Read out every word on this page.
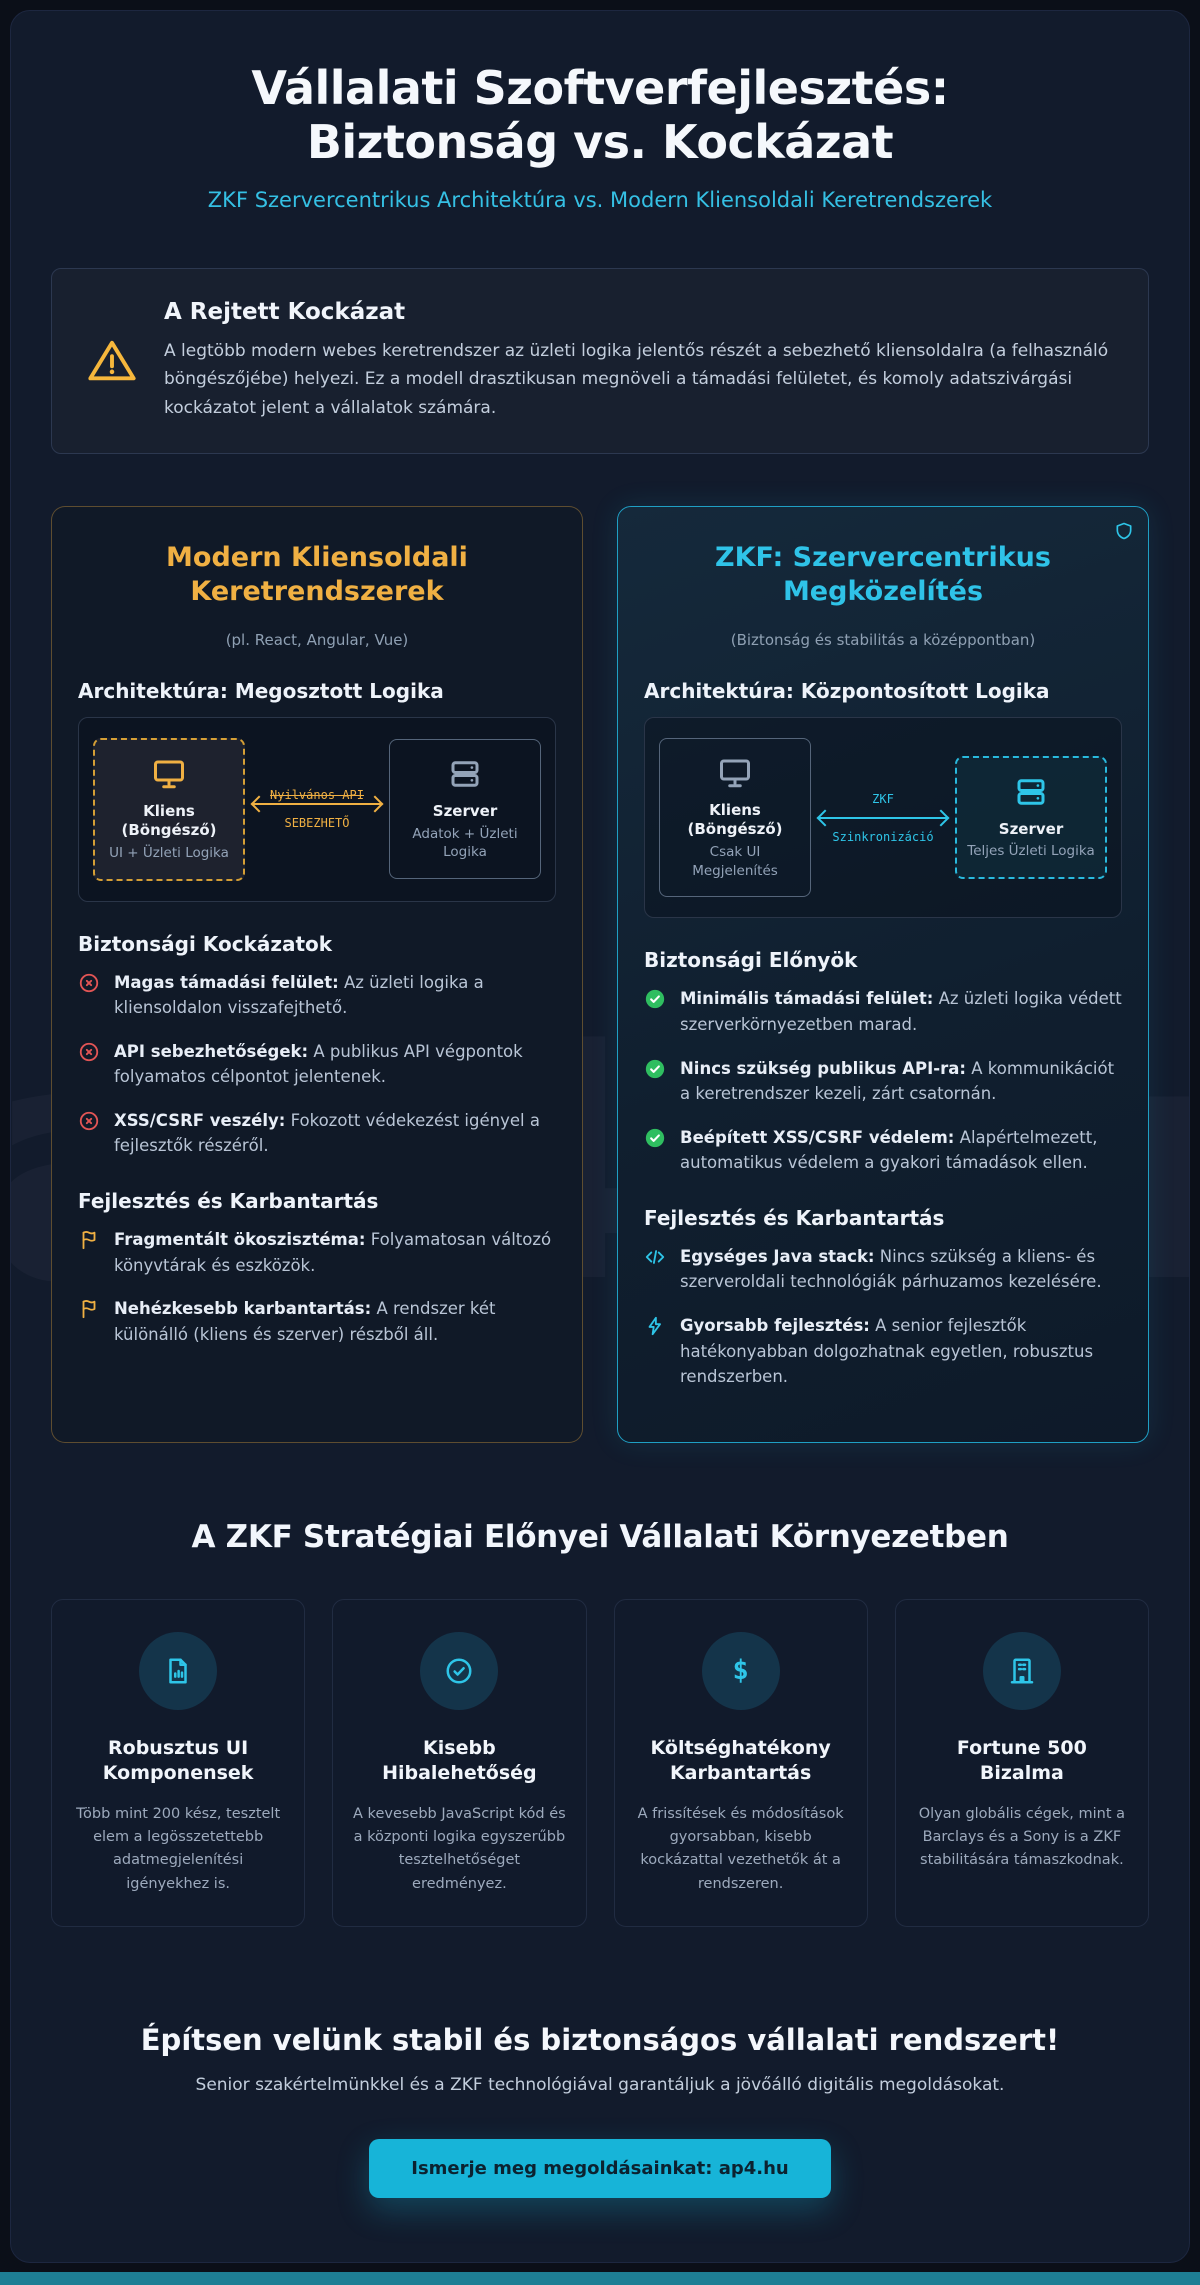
Vállalati Szoftverfejlesztés:
Biztonság vs. Kockázat
ZKF Szervercentrikus Architektúra vs. Modern Kliensoldali Keretrendszerek
A Rejtett Kockázat

A legtöbb modern webes keretrendszer az üzleti logika jelentős részét a sebezhető kliensoldalra (a felhasználó böngészőjébe) helyezi. Ez a modell drasztikusan megnöveli a támadási felületet, és komoly adatszivárgási kockázatot jelent a vállalatok számára.

Modern Kliensoldali
Keretrendszerek
(pl. React, Angular, Vue)
Architektúra: Megosztott Logika
Kliens (Böngésző)
UI + Üzleti Logika
Nyilvános API
SEBEZHETŐ
Szerver
Adatok + Üzleti Logika
Biztonsági Kockázatok

Magas támadási felület: Az üzleti logika a kliensoldalon visszafejthető.

API sebezhetőségek: A publikus API végpontok folyamatos célpontot jelentenek.

XSS/CSRF veszély: Fokozott védekezést igényel a fejlesztők részéről.

Fejlesztés és Karbantartás

Fragmentált ökoszisztéma: Folyamatosan változó könyvtárak és eszközök.

Nehézkesebb karbantartás: A rendszer két különálló (kliens és szerver) részből áll.

ZKF: Szervercentrikus
Megközelítés
(Biztonság és stabilitás a középpontban)
Architektúra: Központosított Logika
Kliens (Böngésző)
Csak UI Megjelenítés
ZKF
Szinkronizáció	Szerver
Teljes Üzleti Logika
Biztonsági Előnyök

Minimális támadási felület: Az üzleti logika védett szerverkörnyezetben marad.

Nincs szükség publikus API-ra: A kommunikációt a keretrendszer kezeli, zárt csatornán.

Beépített XSS/CSRF védelem: Alapértelmezett, automatikus védelem a gyakori támadások ellen.

Fejlesztés és Karbantartás

Egységes Java stack: Nincs szükség a kliens- és szerveroldali technológiák párhuzamos kezelésére.

Gyorsabb fejlesztés: A senior fejlesztők hatékonyabban dolgozhatnak egyetlen, robusztus rendszerben.

A ZKF Stratégiai Előnyei Vállalati Környezetben
Robusztus UI Komponensek

Több mint 200 kész, tesztelt elem a legösszetettebb adatmegjelenítési igényekhez is.

Kisebb Hibalehetőség

A kevesebb JavaScript kód és a központi logika egyszerűbb tesztelhetőséget eredményez.

$
Költséghatékony Karbantartás

A frissítések és módosítások gyorsabban, kisebb kockázattal vezethetők át a rendszeren.

Fortune 500 Bizalma

Olyan globális cégek, mint a Barclays és a Sony is a ZKF stabilitására támaszkodnak.

Építsen velünk stabil és biztonságos vállalati rendszert!

Senior szakértelmünkkel és a ZKF technológiával garantáljuk a jövőálló digitális megoldásokat.

Ismerje meg megoldásainkat: ap4.hu
